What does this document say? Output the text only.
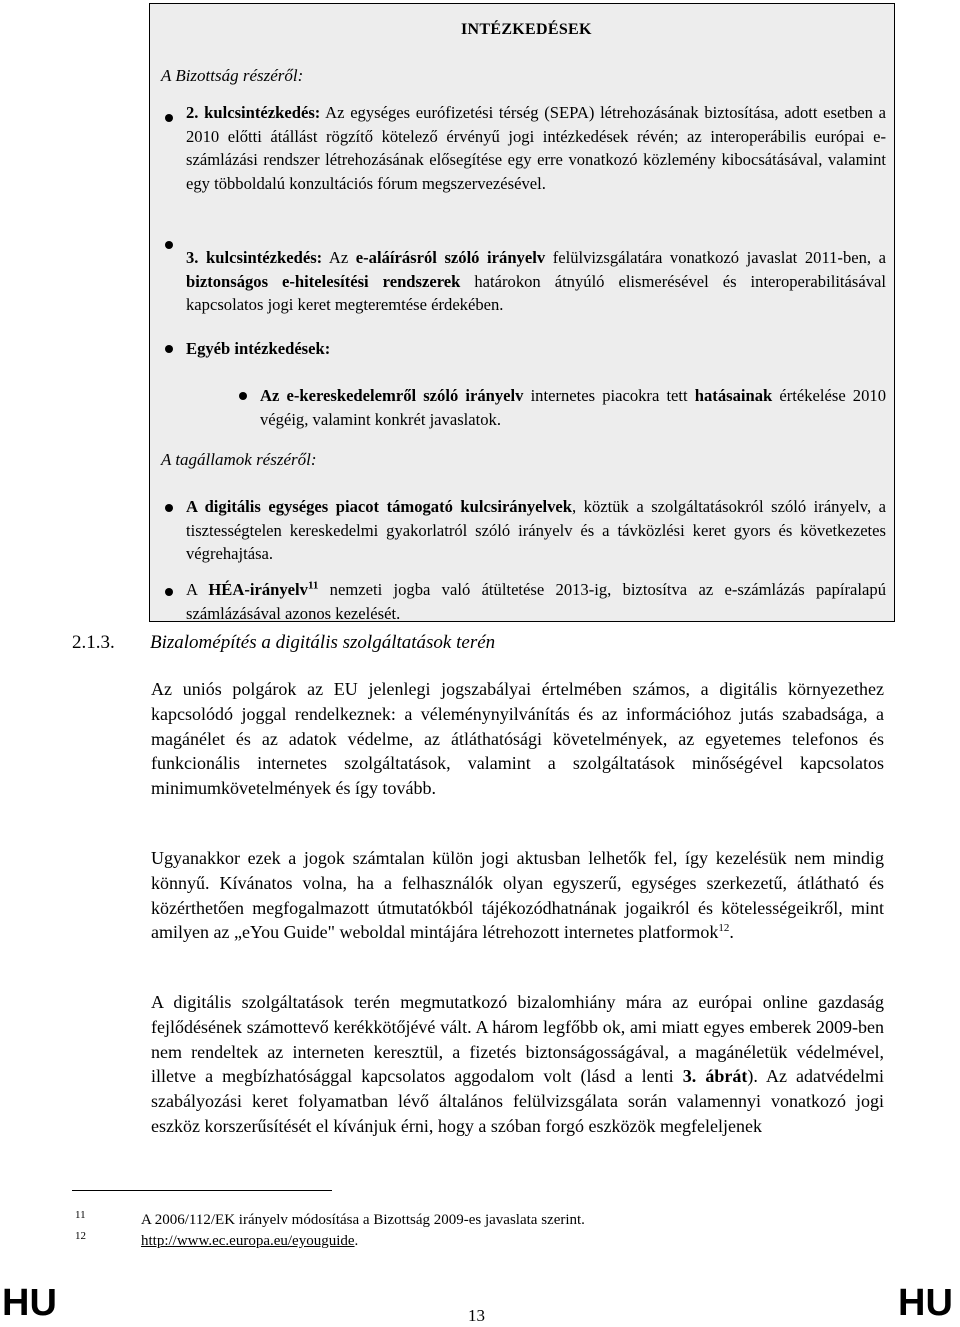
INTÉZKEDÉSEK
A Bizottság részéről:
2. kulcsintézkedés: Az egységes eurófizetési térség (SEPA) létrehozásának biztosítása, adott esetben a 2010 előtti átállást rögzítő kötelező érvényű jogi intézkedések révén; az interoperábilis európai e-számlázási rendszer létrehozásának elősegítése egy erre vonatkozó közlemény kibocsátásával, valamint egy többoldalú konzultációs fórum megszervezésével.
3. kulcsintézkedés: Az e-aláírásról szóló irányelv felülvizsgálatára vonatkozó javaslat 2011-ben, a biztonságos e-hitelesítési rendszerek határokon átnyúló elismerésével és interoperabilitásával kapcsolatos jogi keret megteremtése érdekében.
Egyéb intézkedések:
Az e-kereskedelemről szóló irányelv internetes piacokra tett hatásainak értékelése 2010 végéig, valamint konkrét javaslatok.
A tagállamok részéről:
A digitális egységes piacot támogató kulcsirányelvek, köztük a szolgáltatásokról szóló irányelv, a tisztességtelen kereskedelmi gyakorlatról szóló irányelv és a távközlési keret gyors és következetes végrehajtása.
A HÉA-irányelv$^{11}$ nemzeti jogba való átültetése 2013-ig, biztosítva az e-számlázás papíralapú számlázásával azonos kezelését.
2.1.3. Bizalomépítés a digitális szolgáltatások terén
Az uniós polgárok az EU jelenlegi jogszabályai értelmében számos, a digitális környezethez kapcsolódó joggal rendelkeznek: a véleménynyilvánítás és az információhoz jutás szabadsága, a magánélet és az adatok védelme, az átláthatósági követelmények, az egyetemes telefonos és funkcionális internetes szolgáltatások, valamint a szolgáltatások minőségével kapcsolatos minimumkövetelmények és így tovább.
Ugyanakkor ezek a jogok számtalan külön jogi aktusban lelhetők fel, így kezelésük nem mindig könnyű. Kívánatos volna, ha a felhasználók olyan egyszerű, egységes szerkezetű, átlátható és közérthetően megfogalmazott útmutatókból tájékozódhatnának jogaikról és kötelességeikről, mint amilyen az „eYou Guide" weboldal mintájára létrehozott internetes platformok$^{12}$.
A digitális szolgáltatások terén megmutatkozó bizalomhiány mára az európai online gazdaság fejlődésének számottevő kerékkötőjévé vált. A három legfőbb ok, ami miatt egyes emberek 2009-ben nem rendeltek az interneten keresztül, a fizetés biztonságosságával, a magánéletük védelmével, illetve a megbízhatósággal kapcsolatos aggodalom volt (lásd a lenti 3. ábrát). Az adatvédelmi szabályozási keret folyamatban lévő általános felülvizsgálata során valamennyi vonatkozó jogi eszköz korszerűsítését el kívánjuk érni, hogy a szóban forgó eszközök megfeleljenek
11	A 2006/112/EK irányelv módosítása a Bizottság 2009-es javaslata szerint.
12	http://www.ec.europa.eu/eyouguide.
HU	13	HU
